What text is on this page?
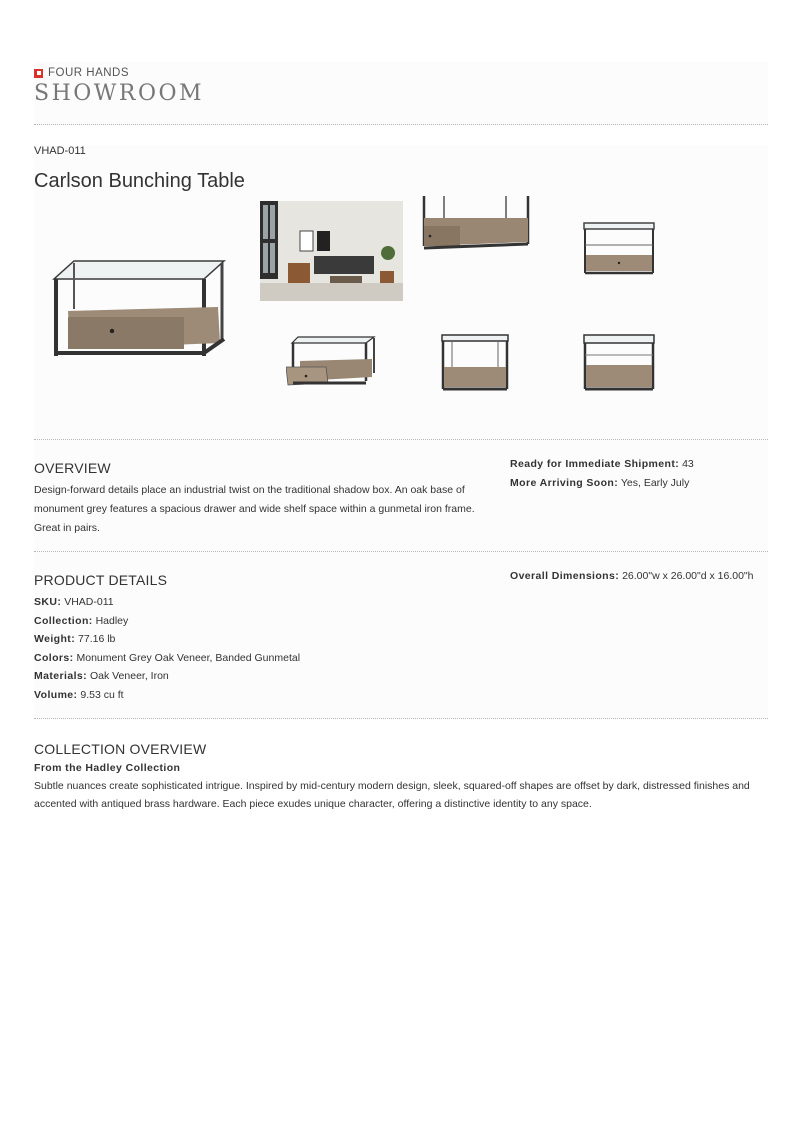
FOUR HANDS
SHOWROOM
VHAD-011
Carlson Bunching Table
OVERVIEW

Design-forward details place an industrial twist on the traditional shadow box. An oak base of monument grey features a spacious drawer and wide shelf space within a gunmetal iron frame. Great in pairs.

Ready for Immediate Shipment: 43
More Arriving Soon: Yes, Early July
PRODUCT DETAILS
SKU: VHAD-011
Collection: Hadley
Weight: 77.16 lb
Colors: Monument Grey Oak Veneer, Banded Gunmetal
Materials: Oak Veneer, Iron
Volume: 9.53 cu ft
Overall Dimensions: 26.00"w x 26.00"d x 16.00"h
COLLECTION OVERVIEW
From the Hadley Collection

Subtle nuances create sophisticated intrigue. Inspired by mid-century modern design, sleek, squared-off shapes are offset by dark, distressed finishes and accented with antiqued brass hardware. Each piece exudes unique character, offering a distinctive identity to any space.
